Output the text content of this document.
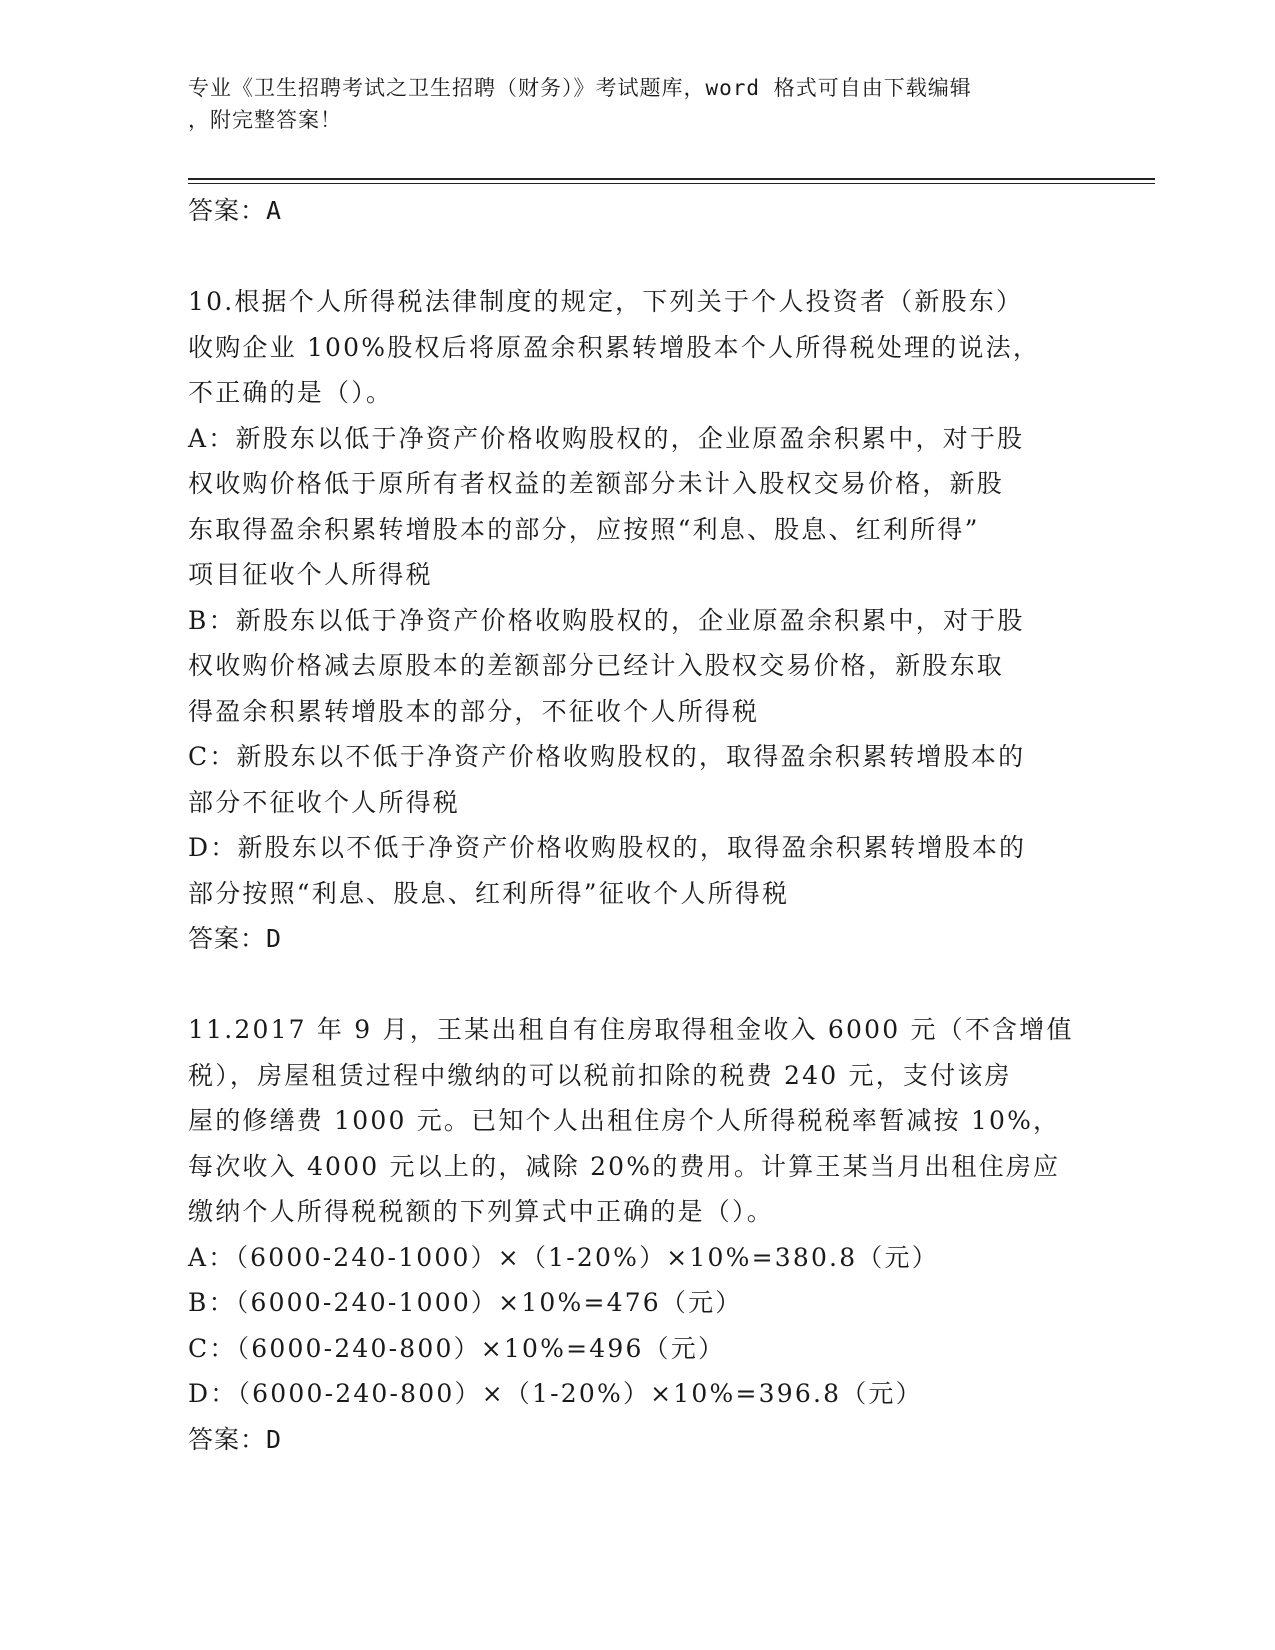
专业《卫生招聘考试之卫生招聘（财务）》考试题库，word 格式可自由下载编辑
，附完整答案！
答案：A
10.根据个人所得税法律制度的规定，下列关于个人投资者（新股东）
收购企业 100%股权后将原盈余积累转增股本个人所得税处理的说法，
不正确的是（）。
A：新股东以低于净资产价格收购股权的，企业原盈余积累中，对于股
权收购价格低于原所有者权益的差额部分未计入股权交易价格，新股
东取得盈余积累转增股本的部分，应按照“利息、股息、红利所得”
项目征收个人所得税
B：新股东以低于净资产价格收购股权的，企业原盈余积累中，对于股
权收购价格减去原股本的差额部分已经计入股权交易价格，新股东取
得盈余积累转增股本的部分，不征收个人所得税
C：新股东以不低于净资产价格收购股权的，取得盈余积累转增股本的
部分不征收个人所得税
D：新股东以不低于净资产价格收购股权的，取得盈余积累转增股本的
部分按照“利息、股息、红利所得”征收个人所得税
答案：D
11.2017 年 9 月，王某出租自有住房取得租金收入 6000 元（不含增值
税），房屋租赁过程中缴纳的可以税前扣除的税费 240 元，支付该房
屋的修缮费 1000 元。已知个人出租住房个人所得税税率暂减按 10%，
每次收入 4000 元以上的，减除 20%的费用。计算王某当月出租住房应
缴纳个人所得税税额的下列算式中正确的是（）。
A：（6000-240-1000）×（1-20%）×10%=380.8（元）
B：（6000-240-1000）×10%=476（元）
C：（6000-240-800）×10%=496（元）
D：（6000-240-800）×（1-20%）×10%=396.8（元）
答案：D
